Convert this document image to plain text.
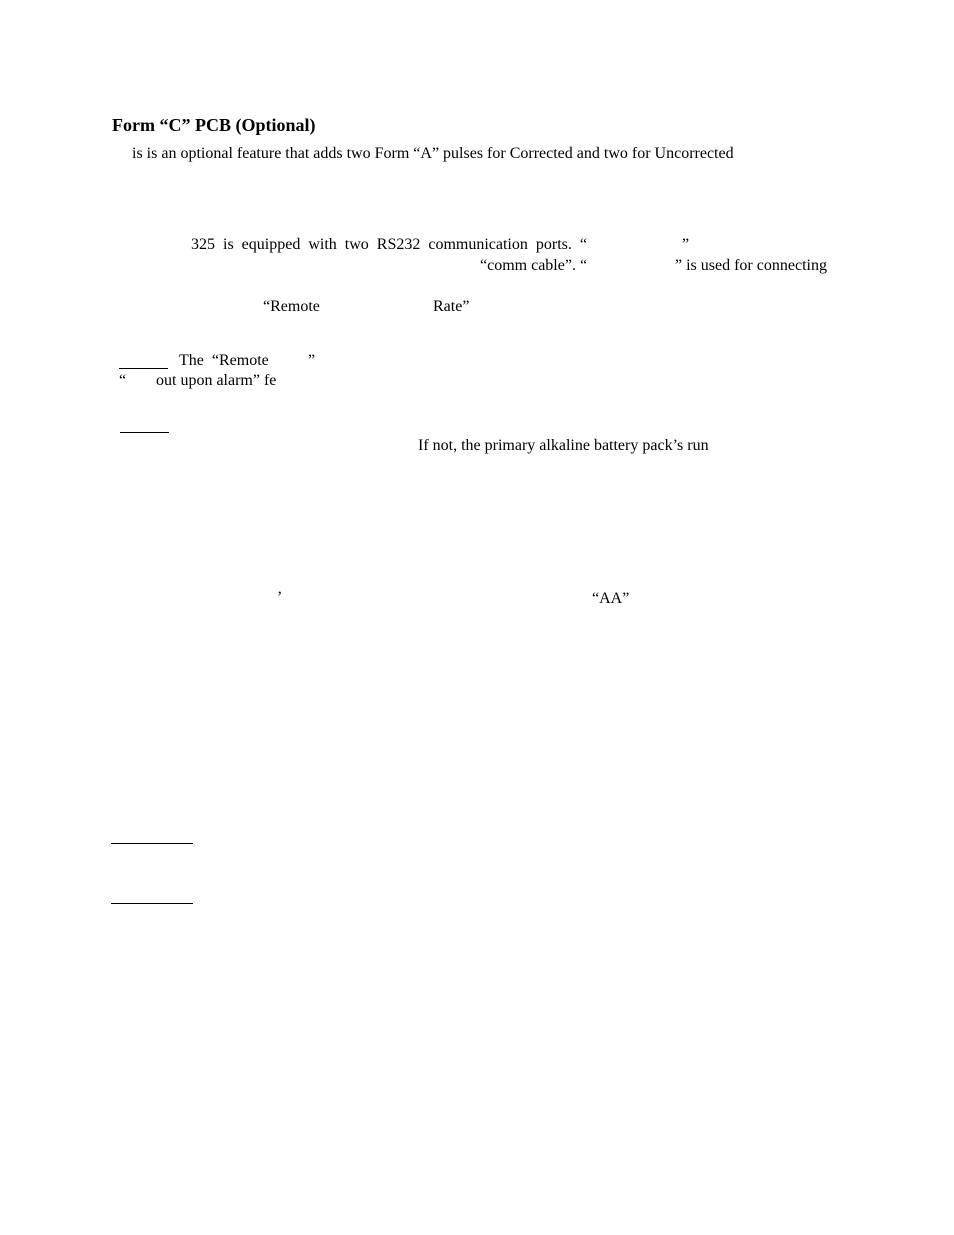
Form “C” PCB (Optional)
is is an optional feature that adds two Form “A” pulses for Corrected and two for Uncorrected
325  is  equipped  with  two  RS232  communication  ports.  “	”
“comm cable”. “	” is used for connecting
“Remote	Rate”
The  “Remote ”
“ out upon alarm” fe
If not, the primary alkaline battery pack’s run
’	“AA”
